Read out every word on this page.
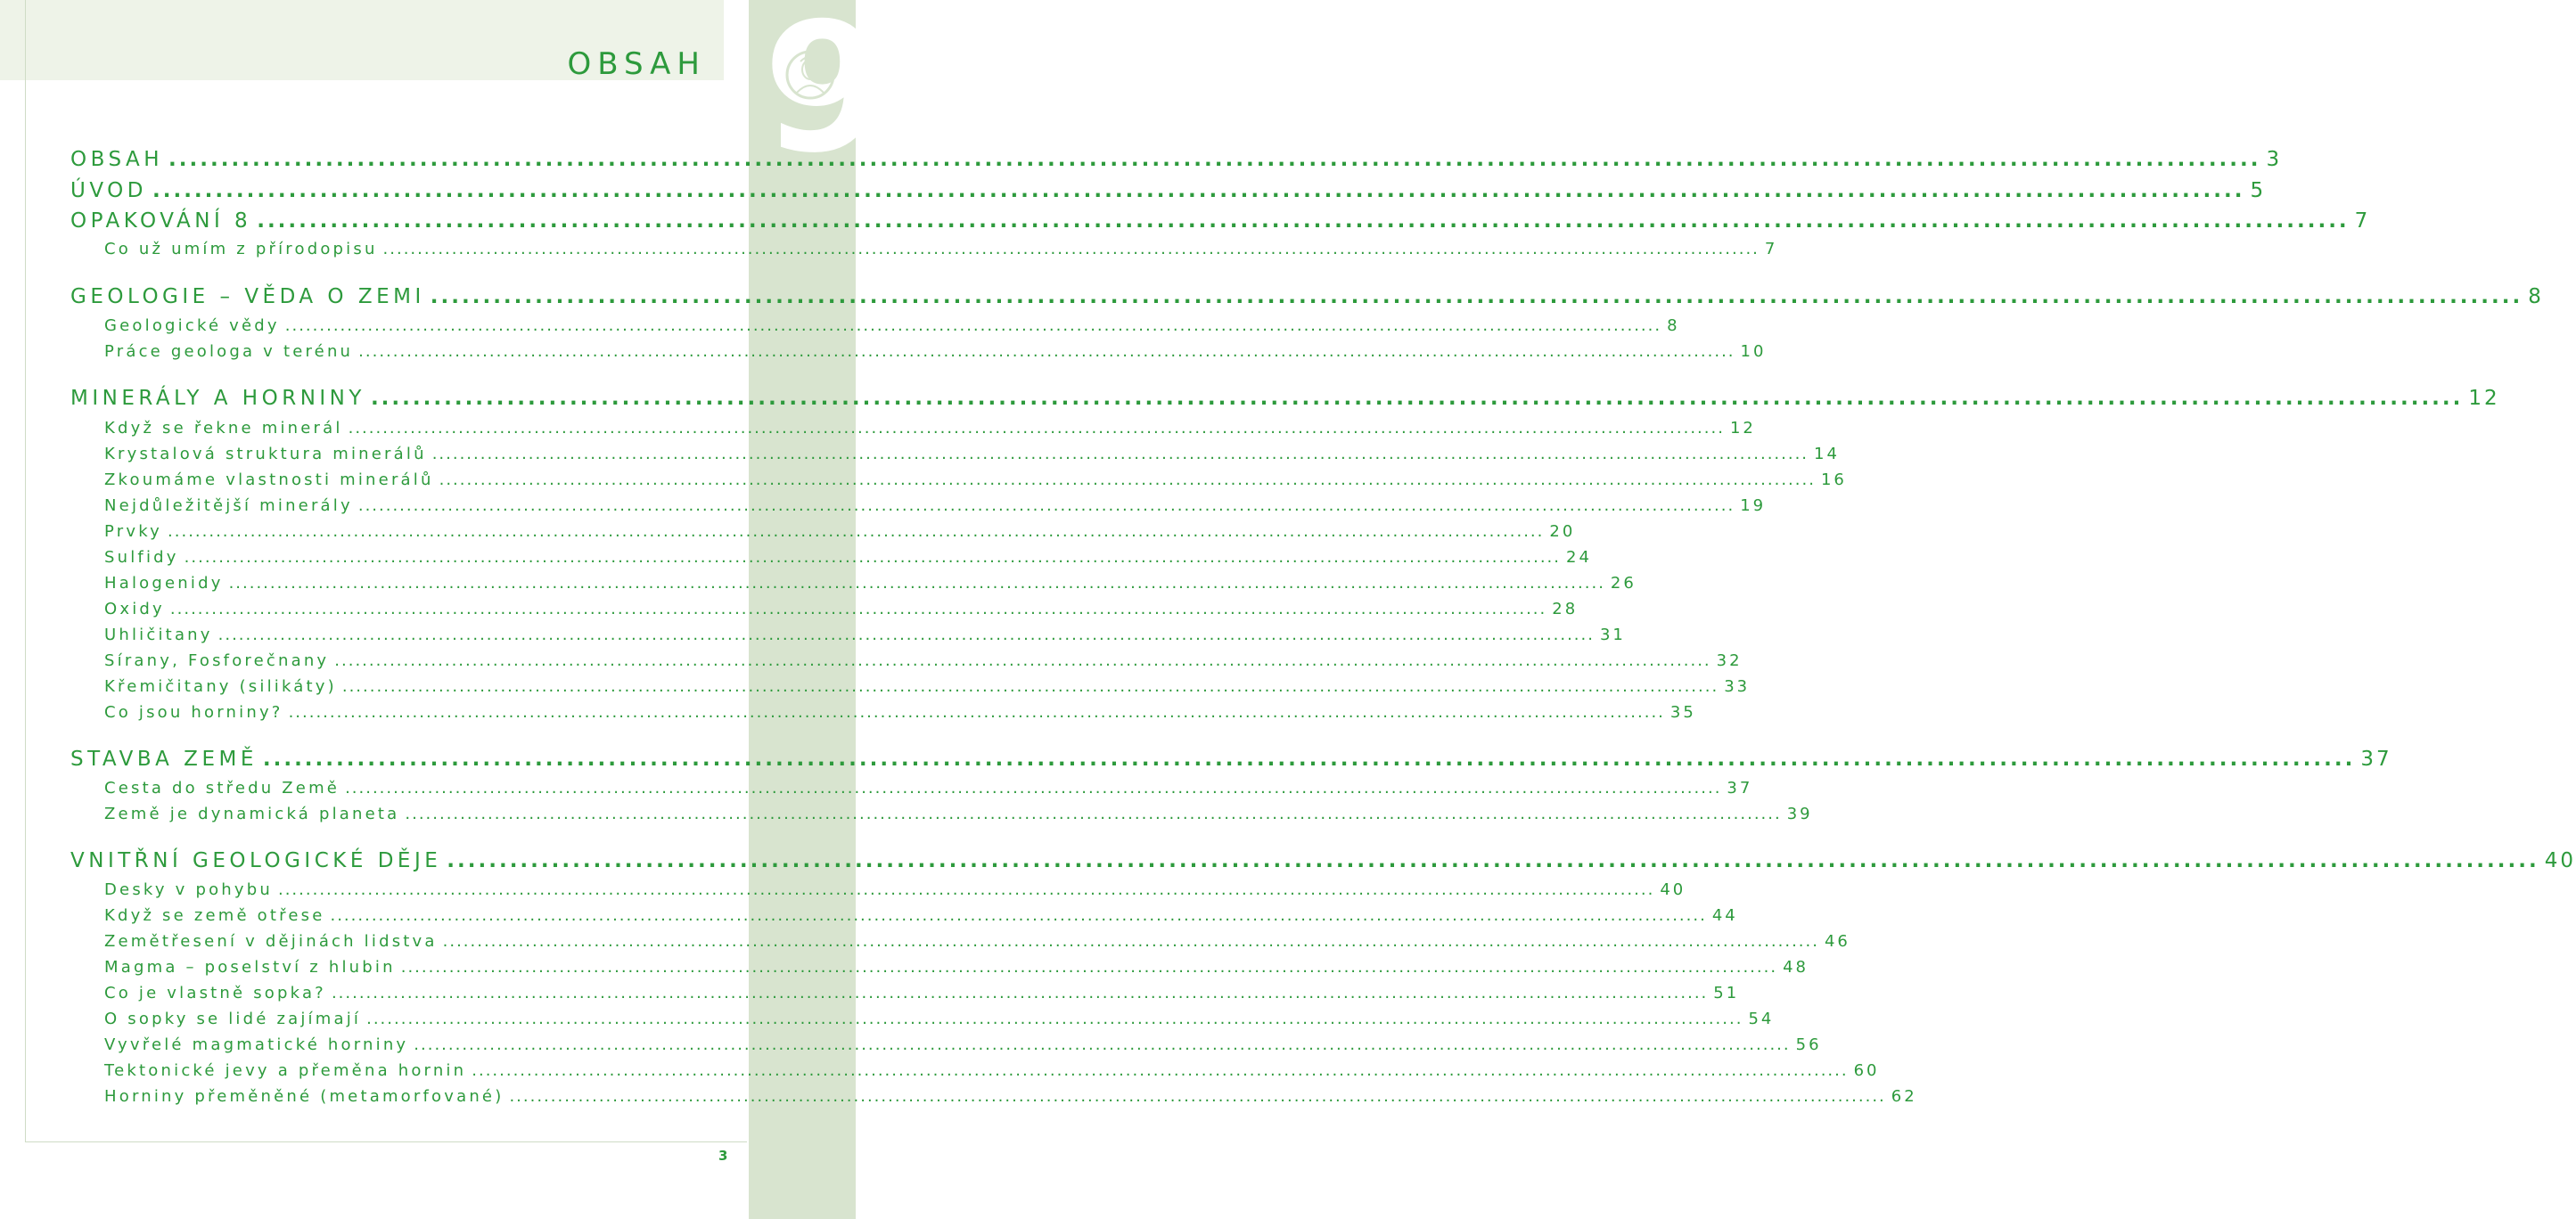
9
OBSAH
OBSAH .....	3
ÚVOD .....	5
OPAKOVÁNÍ 8 .....	7
Co už umím z přírodopisu .....	7
GEOLOGIE – VĚDA O ZEMI .....	8
Geologické vědy .....	8
Práce geologa v terénu .....	10
MINERÁLY A HORNINY .....	12
Když se řekne minerál .....	12
Krystalová struktura minerálů .....	14
Zkoumáme vlastnosti minerálů .....	16
Nejdůležitější minerály .....	19
Prvky .....	20
Sulfidy .....	24
Halogenidy .....	26
Oxidy .....	28
Uhličitany .....	31
Sírany, Fosforečnany .....	32
Křemičitany (silikáty) .....	33
Co jsou horniny? .....	35
STAVBA ZEMĚ .....	37
Cesta do středu Země .....	37
Země je dynamická planeta .....	39
VNITŘNÍ GEOLOGICKÉ DĚJE .....	40
Desky v pohybu .....	40
Když se země otřese .....	44
Zemětřesení v dějinách lidstva .....	46
Magma – poselství z hlubin .....	48
Co je vlastně sopka? .....	51
O sopky se lidé zajímají .....	54
Vyvřelé magmatické horniny .....	56
Tektonické jevy a přeměna hornin .....	60
Horniny přeměněné (metamorfované) .....	62
3
